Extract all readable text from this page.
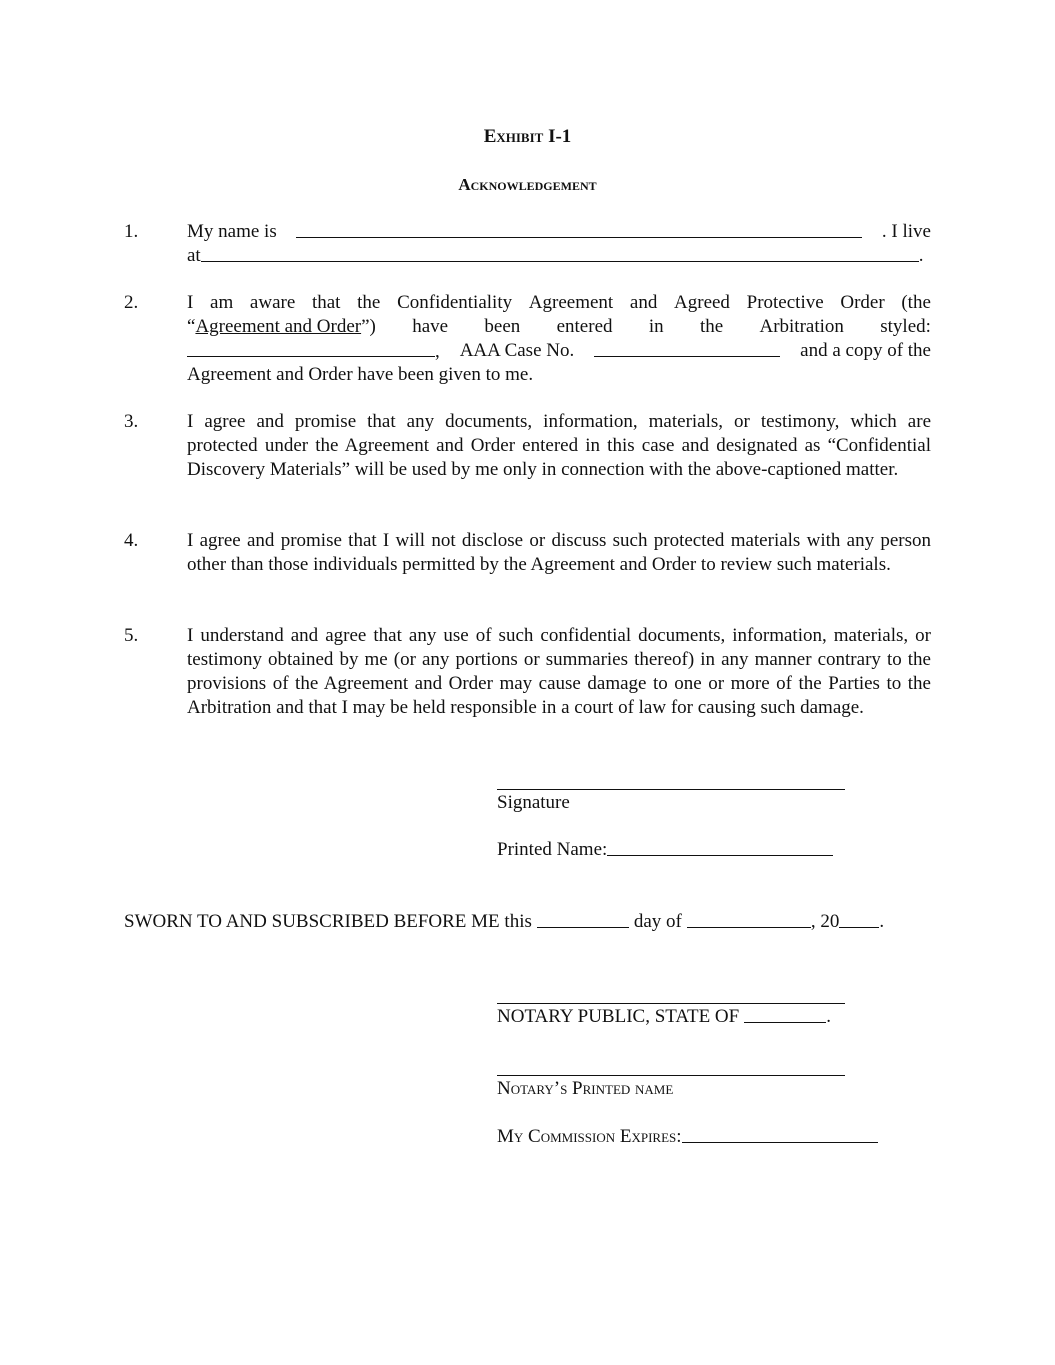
Exhibit I-1
Acknowledgement
1.	My name is	. I live
at	.
2.	I am aware that the Confidentiality Agreement and Agreed Protective Order (the
“Agreement and Order”) have been entered in the Arbitration styled:
, AAA Case No.	and a copy of the
Agreement and Order have been given to me.
3.	I agree and promise that any documents, information, materials, or testimony, which are protected under the Agreement and Order entered in this case and designated as “Confidential Discovery Materials” will be used by me only in connection with the above-captioned matter.
4.	I agree and promise that I will not disclose or discuss such protected materials with any person other than those individuals permitted by the Agreement and Order to review such materials.
5.	I understand and agree that any use of such confidential documents, information, materials, or testimony obtained by me (or any portions or summaries thereof) in any manner contrary to the provisions of the Agreement and Order may cause damage to one or more of the Parties to the Arbitration and that I may be held responsible in a court of law for causing such damage.
Signature
Printed Name:
SWORN TO AND SUBSCRIBED BEFORE ME this	day of	, 20 .
NOTARY PUBLIC, STATE OF	.
Notary’s Printed name
My Commission Expires:
